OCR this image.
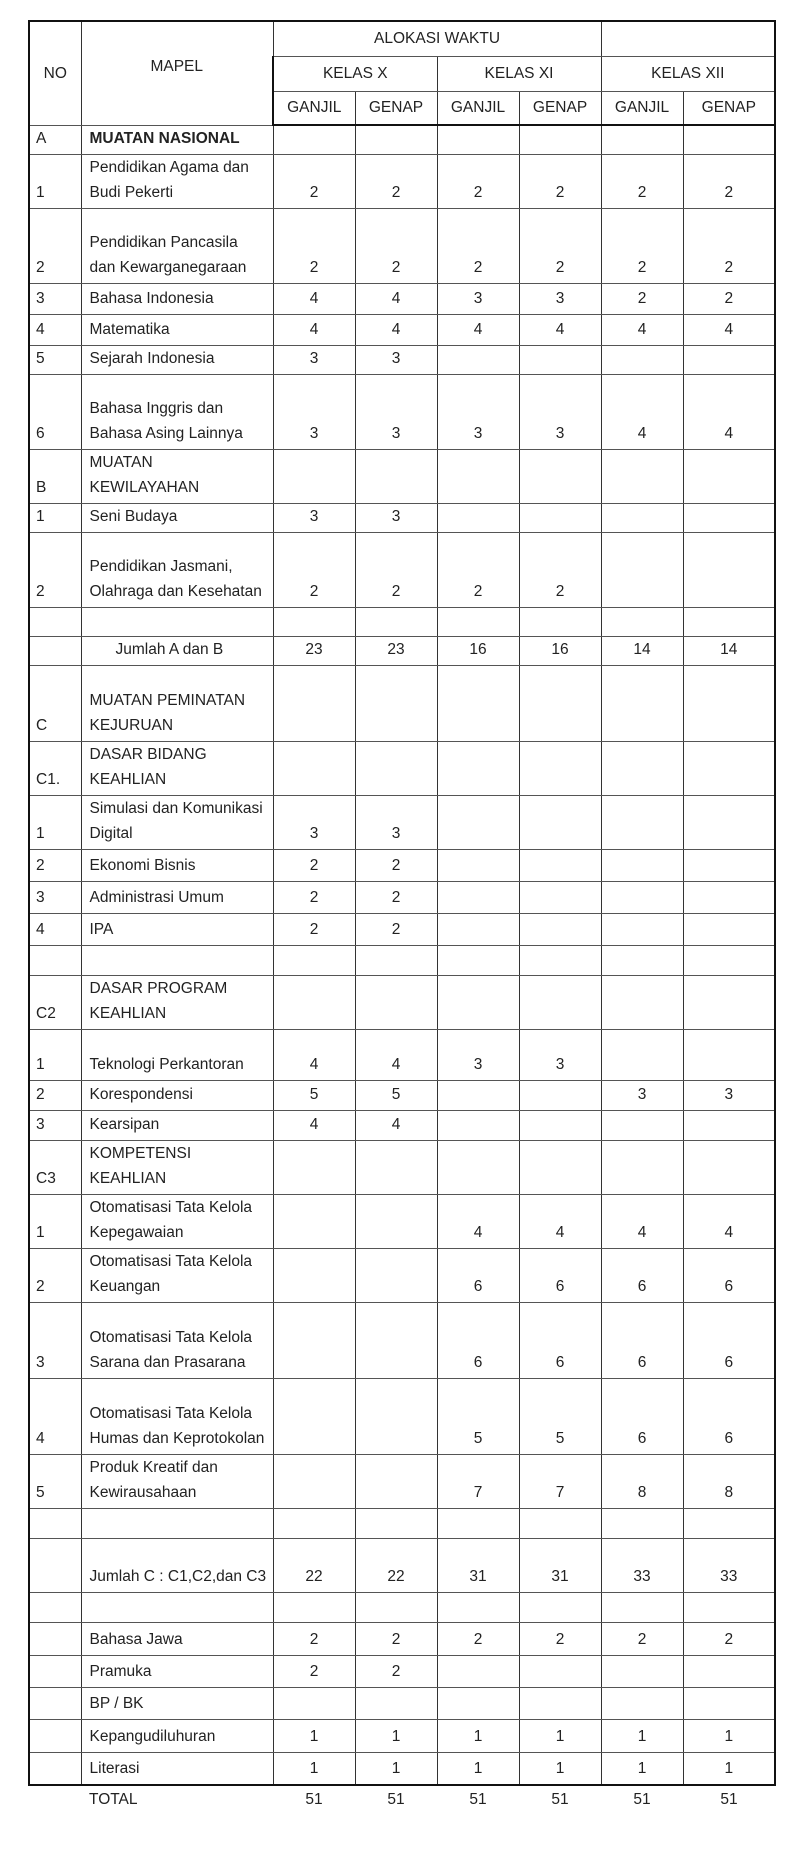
NO	MAPEL	ALOKASI WAKTU					
		KELAS X		KELAS XI		KELAS XII	
		GANJIL	GENAP	GANJIL	GENAP	GANJIL	GENAP
A	MUATAN NASIONAL						
1	Pendidikan Agama dan Budi Pekerti	2	2	2	2	2	2
2	Pendidikan Pancasila dan Kewarganegaraan	2	2	2	2	2	2
3	Bahasa Indonesia	4	4	3	3	2	2
4	Matematika	4	4	4	4	4	4
5	Sejarah Indonesia	3	3				
6	Bahasa Inggris dan Bahasa Asing Lainnya	3	3	3	3	4	4
B	MUATAN KEWILAYAHAN						
1	Seni Budaya	3	3				
2	Pendidikan Jasmani, Olahraga dan Kesehatan	2	2	2	2		

	Jumlah A dan B	23	23	16	16	14	14
C	MUATAN PEMINATAN KEJURUAN						
C1.	DASAR BIDANG KEAHLIAN						
1	Simulasi dan Komunikasi Digital	3	3				
2	Ekonomi Bisnis	2	2				
3	Administrasi Umum	2	2				
4	IPA	2	2				

C2	DASAR PROGRAM KEAHLIAN						
1	Teknologi Perkantoran	4	4	3	3		
2	Korespondensi	5	5			3	3
3	Kearsipan	4	4				
C3	KOMPETENSI KEAHLIAN						
1	Otomatisasi Tata Kelola Kepegawaian			4	4	4	4
2	Otomatisasi Tata Kelola Keuangan			6	6	6	6
3	Otomatisasi Tata Kelola Sarana dan Prasarana			6	6	6	6
4	Otomatisasi Tata Kelola Humas dan Keprotokolan			5	5	6	6
5	Produk Kreatif dan Kewirausahaan			7	7	8	8

	Jumlah C : C1,C2,dan C3	22	22	31	31	33	33

	Bahasa Jawa	2	2	2	2	2	2
	Pramuka	2	2				
	BP / BK						
	Kepangudiluhuran	1	1	1	1	1	1
	Literasi	1	1	1	1	1	1
	TOTAL	51	51	51	51	51	51
